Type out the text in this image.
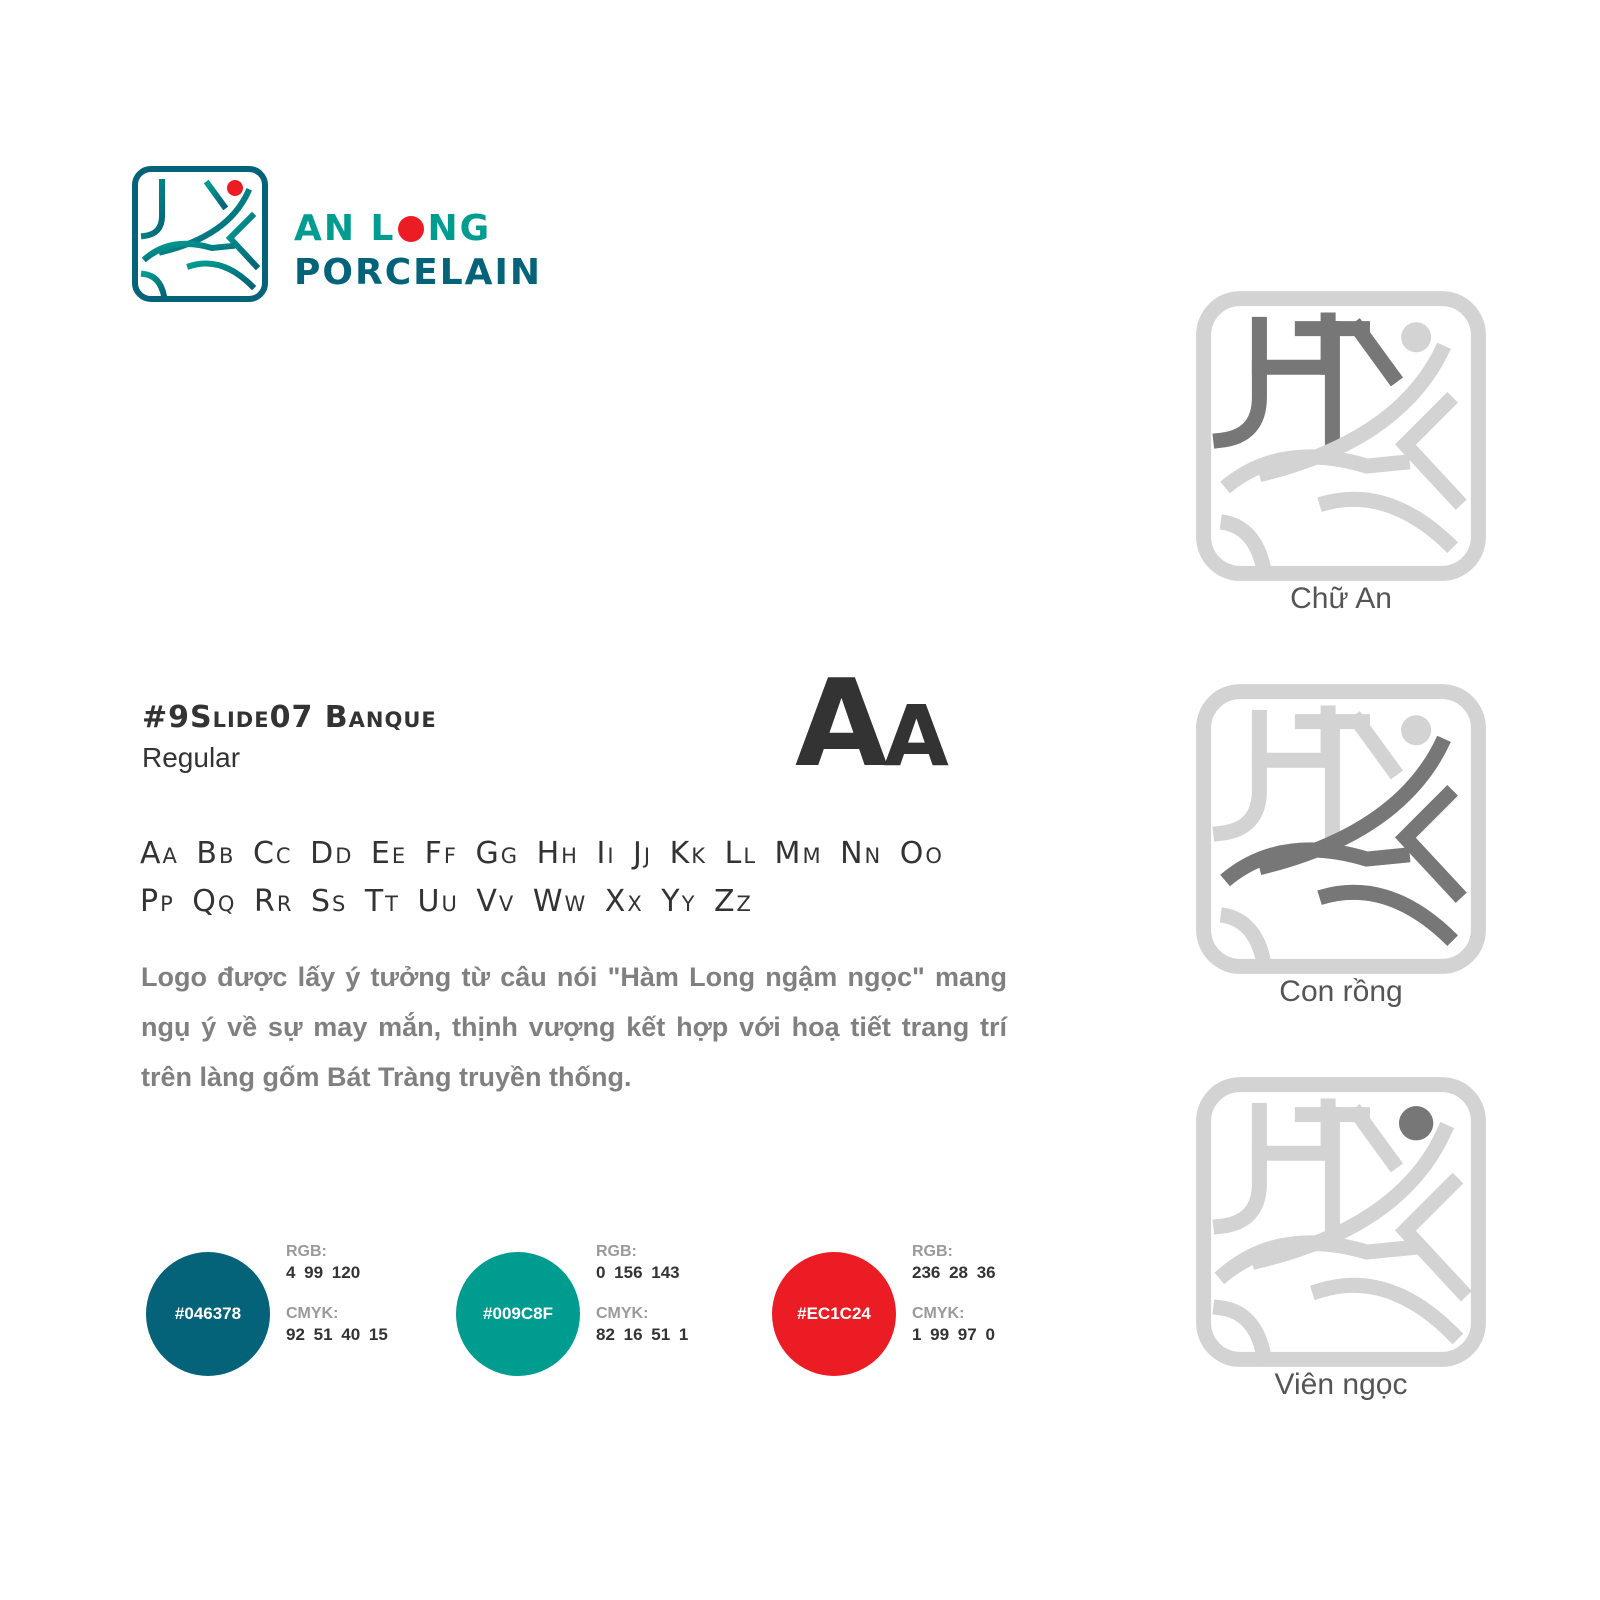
AN L NG
PORCELAIN
#9Slide07 Banque
Regular	Aa
Aa Bb Cc Dd Ee Ff Gg Hh Ii Jj Kk Ll Mm Nn Oo
Pp Qq Rr Ss Tt Uu Vv Ww Xx Yy Zz
Logo được lấy ý tưởng từ câu nói "Hàm Long ngậm ngọc" mang ngụ ý về sự may mắn, thịnh vượng kết hợp với hoạ tiết trang trí trên làng gốm Bát Tràng truyền thống.
#046378
RGB:
4 99 120
CMYK:
92 51 40 15
#009C8F
RGB:
0 156 143
CMYK:
82 16 51 1
#EC1C24
RGB:
236 28 36
CMYK:
1 99 97 0
Chữ An
Con rồng
Viên ngọc
